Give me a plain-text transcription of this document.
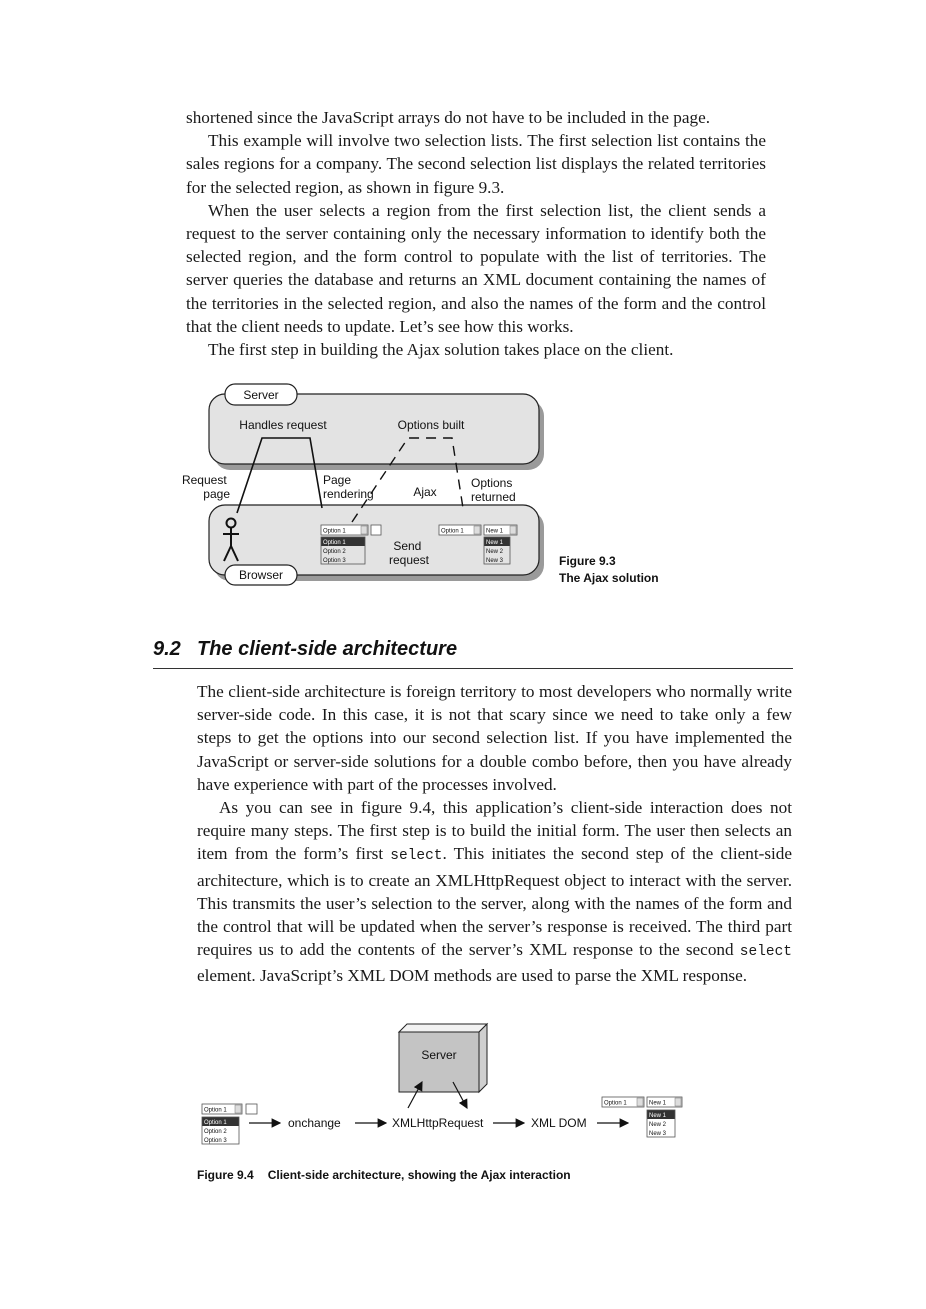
shortened since the JavaScript arrays do not have to be included in the page.

This example will involve two selection lists. The first selection list contains the sales regions for a company. The second selection list displays the related territories for the selected region, as shown in figure 9.3.

When the user selects a region from the first selection list, the client sends a request to the server containing only the necessary information to identify both the selected region, and the form control to populate with the list of territories. The server queries the database and returns an XML document containing the names of the territories in the selected region, and also the names of the form and the control that the client needs to update. Let’s see how this works.

The first step in building the Ajax solution takes place on the client.

Server
Handles request	Options built
Browser
Request page
Page rendering	Ajax
Options returned
Option 1
Option 1
Option 2
Option 3
Send request
Option 1	New 1
New 1
New 2
New 3	Figure 9.3
The Ajax solution
9.2 The client-side architecture

The client-side architecture is foreign territory to most developers who normally write server-side code. In this case, it is not that scary since we need to take only a few steps to get the options into our second selection list. If you have implemented the JavaScript or server-side solutions for a double combo before, then you have already have experience with part of the processes involved.

As you can see in figure 9.4, this application’s client-side interaction does not require many steps. The first step is to build the initial form. The user then selects an item from the form’s first select. This initiates the second step of the client-side architecture, which is to create an XMLHttpRequest object to interact with the server. This transmits the user’s selection to the server, along with the names of the form and the control that will be updated when the server’s response is received. The third part requires us to add the contents of the server’s XML response to the second select element. JavaScript’s XML DOM methods are used to parse the XML response.

Server
Option 1
Option 1
Option 2
Option 3
onchange	XMLHttpRequest	XML DOM
Option 1	New 1
New 1
New 2
New 3
Figure 9.4 Client-side architecture, showing the Ajax interaction
